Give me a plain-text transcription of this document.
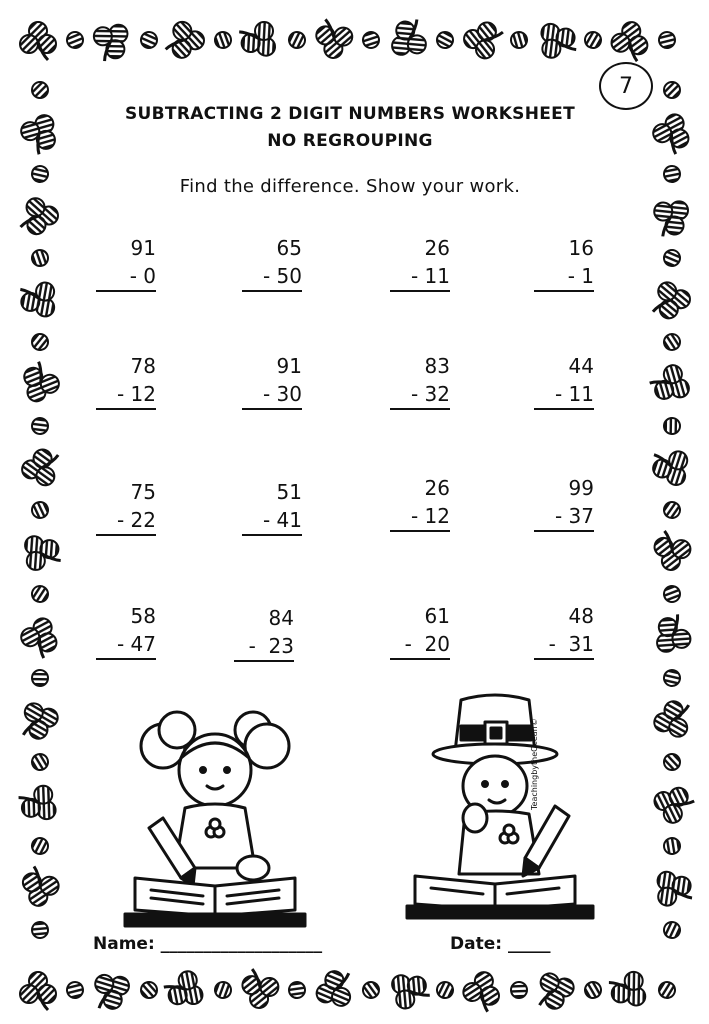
7
SUBTRACTING 2 DIGIT NUMBERS WORKSHEET
NO REGROUPING
Find the difference. Show your work.
91
- 0
65
- 50
26
- 11
16
- 1
78
- 12
91
- 30
83
- 32
44
- 11
75
- 22
51
- 41
26
- 12
99
- 37
58
- 47
84
-  23
61
-  20
48
-  31
TeachingbytheOcean©
Name: ___________________	Date: _____
